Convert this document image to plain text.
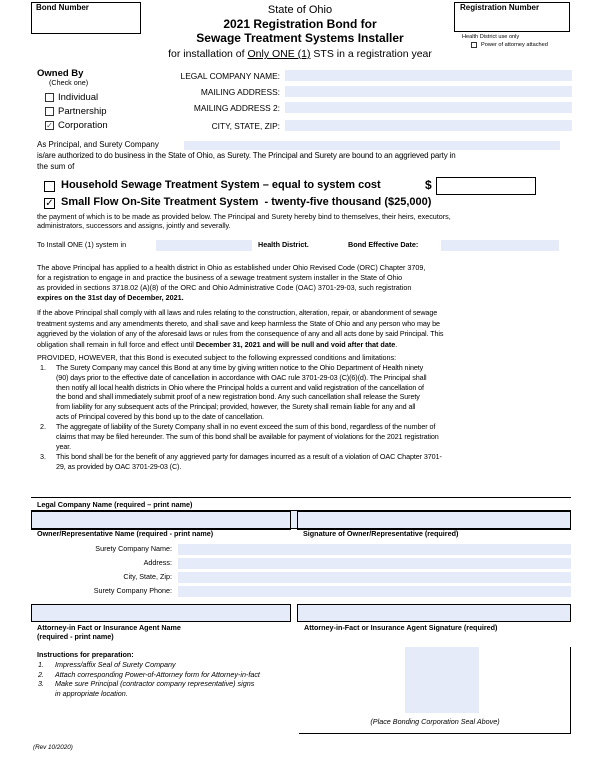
Bond Number	Registration Number
Health District use only
Power of attorney attached
State of Ohio
2021 Registration Bond for
Sewage Treatment Systems Installer
for installation of Only ONE (1) STS in a registration year
Owned By
(Check one)
Individual
Partnership
✓ Corporation
LEGAL COMPANY NAME:
MAILING ADDRESS:
MAILING ADDRESS 2:
CITY, STATE, ZIP:
As Principal, and Surety Company
is/are authorized to do business in the State of Ohio, as Surety. The Principal and Surety are bound to an aggrieved party in
the sum of
Household Sewage Treatment System – equal to system cost	$
✓ Small Flow On-Site Treatment System  - twenty-five thousand ($25,000)
the payment of which is to be made as provided below. The Principal and Surety hereby bind to themselves, their heirs, executors,
administrators, successors and assigns, jointly and severally.
To Install ONE (1) system in	Health District.	Bond Effective Date:
The above Principal has applied to a health district in Ohio as established under Ohio Revised Code (ORC) Chapter 3709,
for a registration to engage in and practice the business of a sewage treatment system installer in the State of Ohio
as provided in sections 3718.02 (A)(8) of the ORC and Ohio Administrative Code (OAC) 3701-29-03, such registration
expires on the 31st day of December, 2021.
If the above Principal shall comply with all laws and rules relating to the construction, alteration, repair, or abandonment of sewage
treatment systems and any amendments thereto, and shall save and keep harmless the State of Ohio and any person who may be
aggrieved by the violation of any of the aforesaid laws or rules from the consequence of any and all acts done by said Principal. This
obligation shall remain in full force and effect until December 31, 2021 and will be null and void after that date.
PROVIDED, HOWEVER, that this Bond is executed subject to the following expressed conditions and limitations:
1. The Surety Company may cancel this Bond at any time by giving written notice to the Ohio Department of Health ninety
(90) days prior to the effective date of cancellation in accordance with OAC rule 3701-29-03 (C)(6)(d). The Principal shall
then notify all local health districts in Ohio where the Principal holds a current and valid registration of the cancellation of
the bond and shall immediately submit proof of a new registration bond. Any such cancellation shall release the Surety
from liability for any subsequent acts of the Principal; provided, however, the Surety shall remain liable for any and all
acts of Principal covered by this bond up to the date of cancellation.
2. The aggregate of liability of the Surety Company shall in no event exceed the sum of this bond, regardless of the number of
claims that may be filed hereunder. The sum of this bond shall be available for payment of violations for the 2021 registration
year.
3. This bond shall be for the benefit of any aggrieved party for damages incurred as a result of a violation of OAC Chapter 3701-
29, as provided by OAC 3701-29-03 (C).
Legal Company Name (required – print name)
Owner/Representative Name (required - print name)	Signature of Owner/Representative (required)
Surety Company Name:
Address:
City, State, Zip:
Surety Company Phone:
Attorney-in Fact or Insurance Agent Name
(required - print name)
Attorney-in-Fact or Insurance Agent Signature (required)
Instructions for preparation:
1. Impress/affix Seal of Surety Company
2. Attach corresponding Power-of-Attorney form for Attorney-in-fact
3. Make sure Principal (contractor company representative) signs
in appropriate location.
(Place Bonding Corporation Seal Above)
(Rev 10/2020)
